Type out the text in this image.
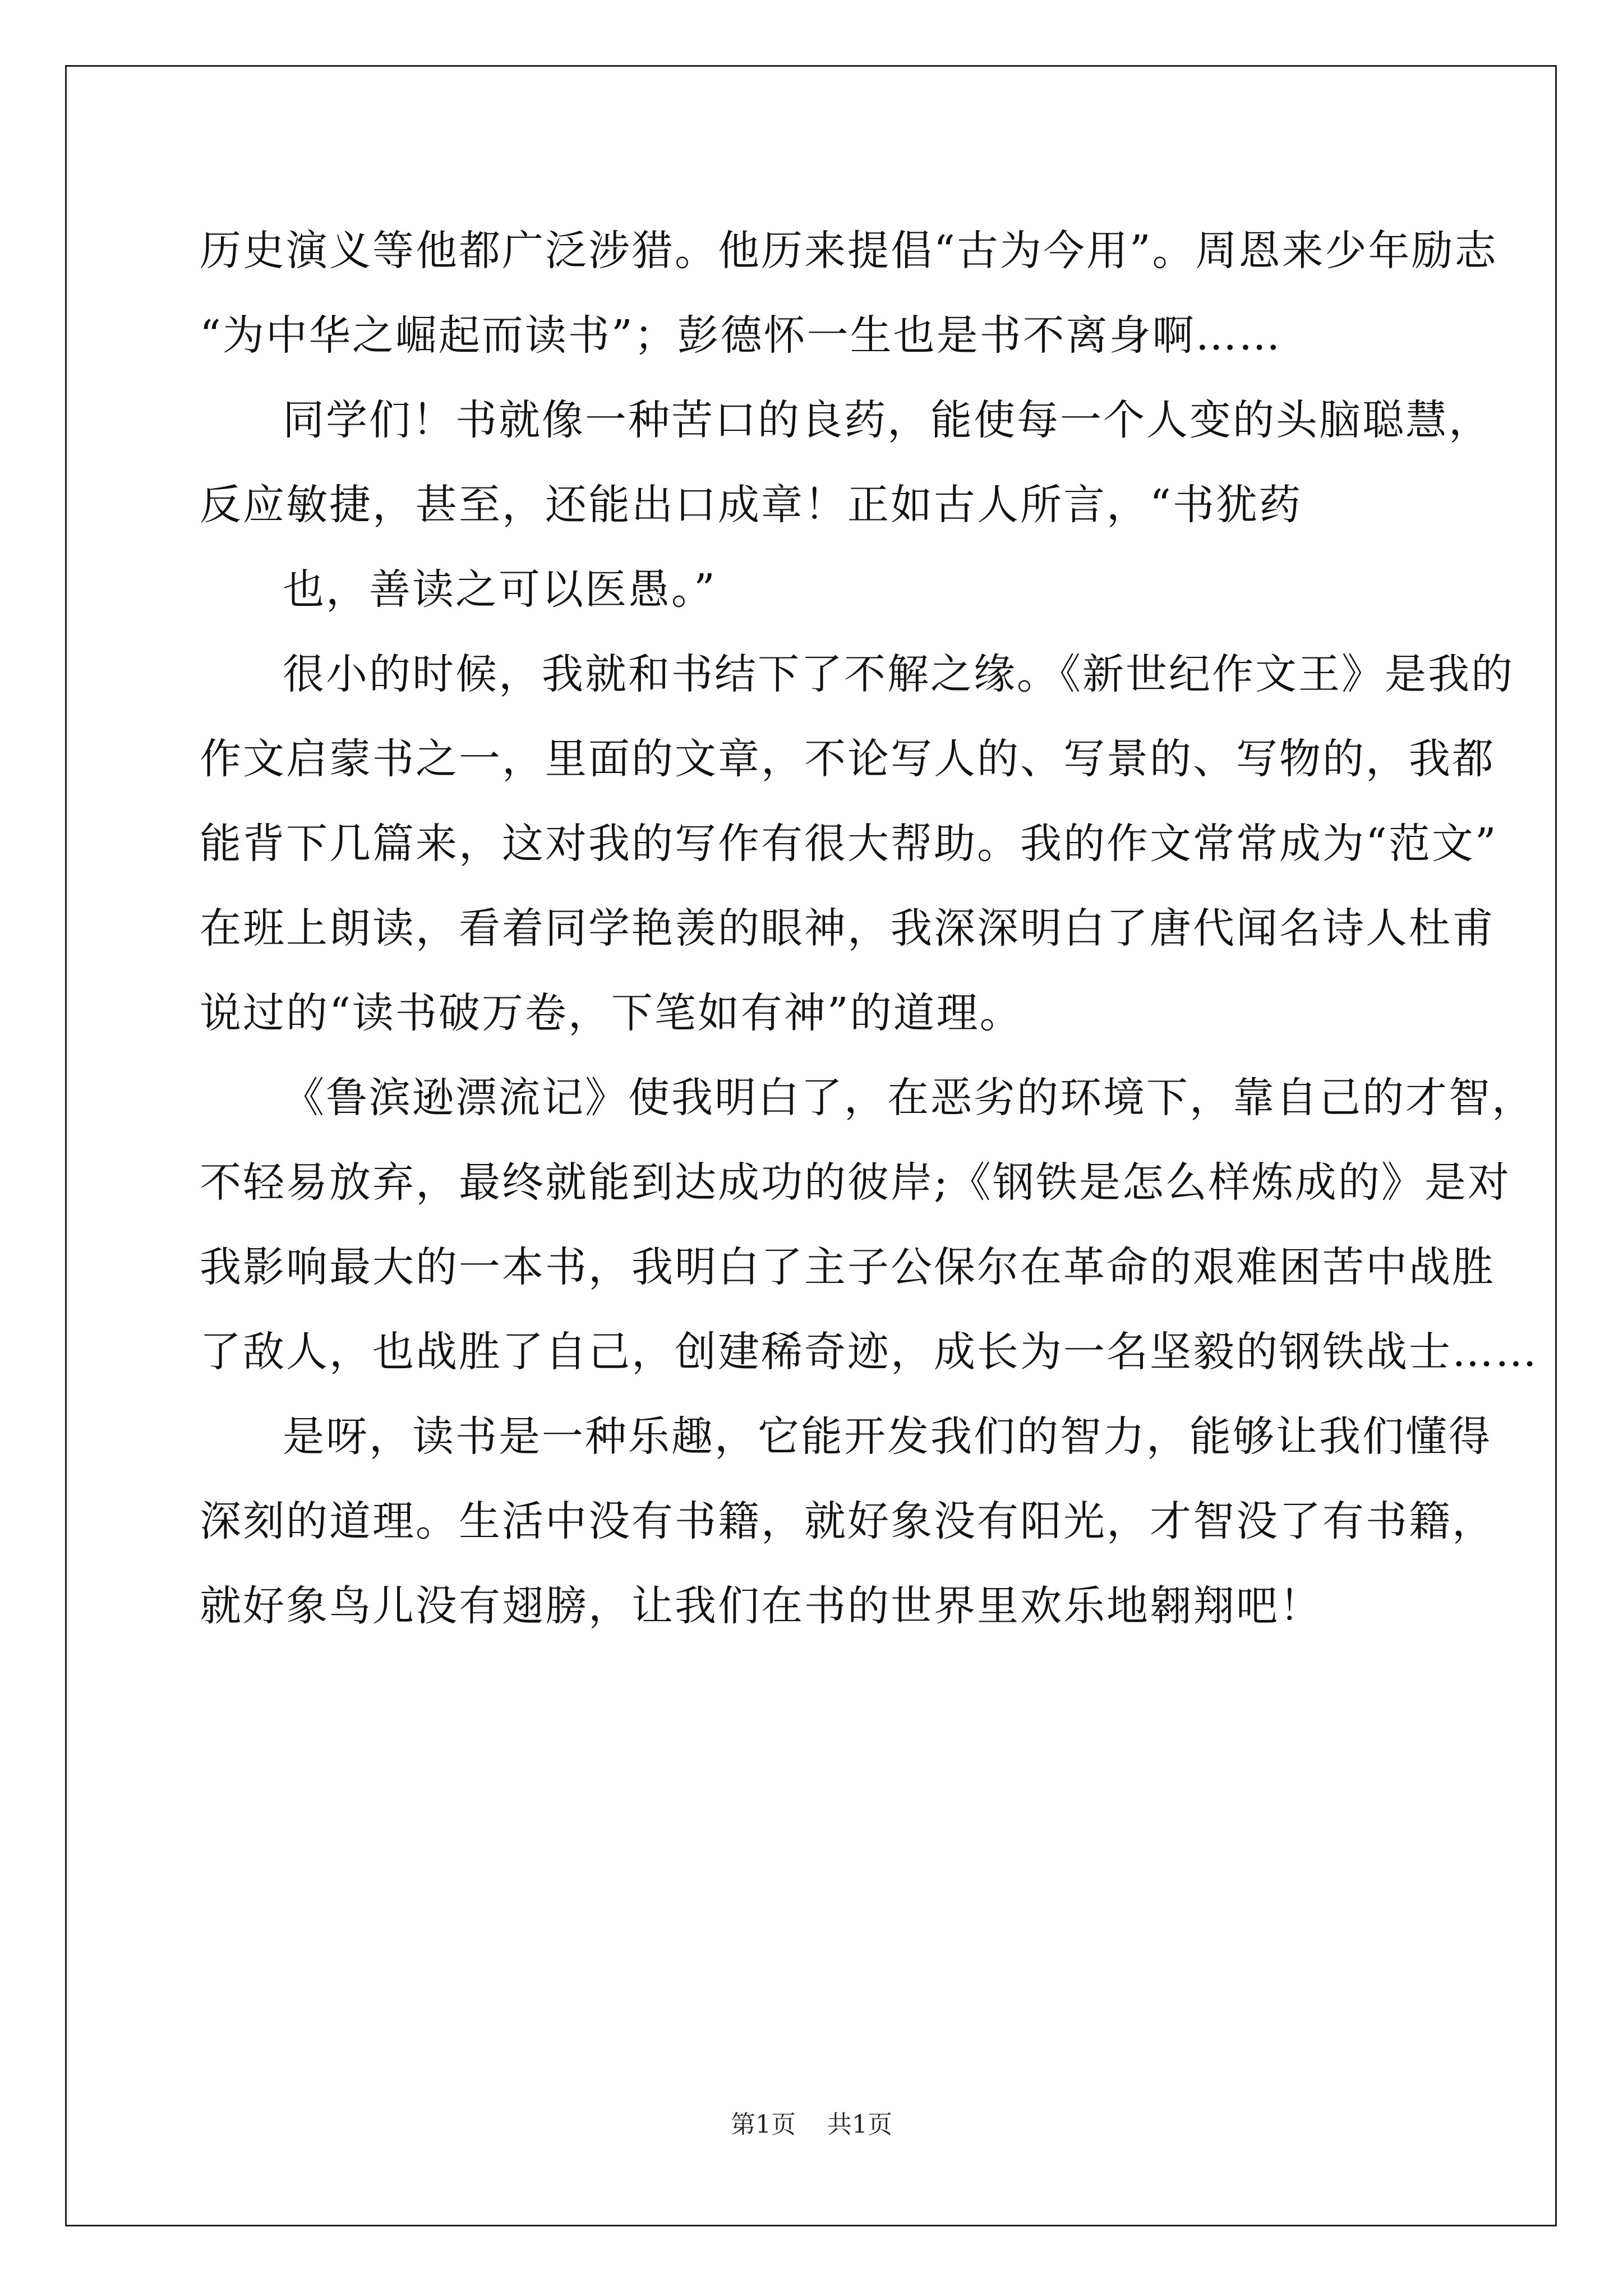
历史演义等他都广泛涉猎。他历来提倡“古为今用”。周恩来少年励志
“为中华之崛起而读书”；彭德怀一生也是书不离身啊……
同学们！书就像一种苦口的良药，能使每一个人变的头脑聪慧，
反应敏捷，甚至，还能出口成章！正如古人所言，“书犹药
也，善读之可以医愚。”
很小的时候，我就和书结下了不解之缘。《新世纪作文王》是我的
作文启蒙书之一，里面的文章，不论写人的、写景的、写物的，我都
能背下几篇来，这对我的写作有很大帮助。我的作文常常成为“范文”
在班上朗读，看着同学艳羡的眼神，我深深明白了唐代闻名诗人杜甫
说过的“读书破万卷，下笔如有神”的道理。
《鲁滨逊漂流记》使我明白了，在恶劣的环境下，靠自己的才智，
不轻易放弃，最终就能到达成功的彼岸;《钢铁是怎么样炼成的》是对
我影响最大的一本书，我明白了主子公保尔在革命的艰难困苦中战胜
了敌人，也战胜了自己，创建稀奇迹，成长为一名坚毅的钢铁战士……
是呀，读书是一种乐趣，它能开发我们的智力，能够让我们懂得
深刻的道理。生活中没有书籍，就好象没有阳光，才智没了有书籍，
就好象鸟儿没有翅膀，让我们在书的世界里欢乐地翱翔吧！
第1页 共1页
